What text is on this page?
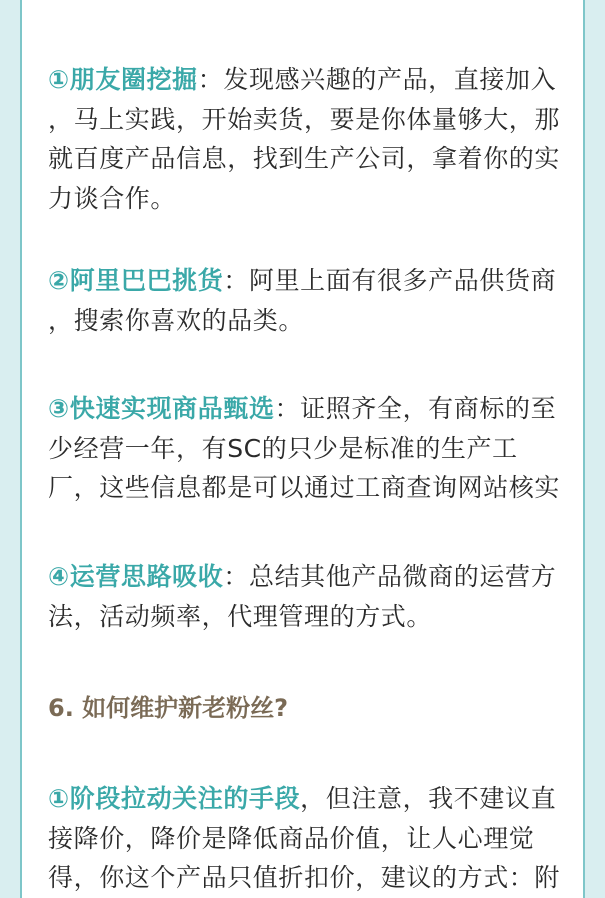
①朋友圈挖掘：发现感兴趣的产品，直接加入
，马上实践，开始卖货，要是你体量够大，那
就百度产品信息，找到生产公司，拿着你的实
力谈合作。
②阿里巴巴挑货：阿里上面有很多产品供货商
，搜索你喜欢的品类。
③快速实现商品甄选：证照齐全，有商标的至
少经营一年，有SC的只少是标准的生产工
厂，这些信息都是可以通过工商查询网站核实
④运营思路吸收：总结其他产品微商的运营方
法，活动频率，代理管理的方式。
6. 如何维护新老粉丝?
①阶段拉动关注的手段，但注意，我不建议直
接降价，降价是降低商品价值，让人心理觉
得，你这个产品只值折扣价，建议的方式：附
